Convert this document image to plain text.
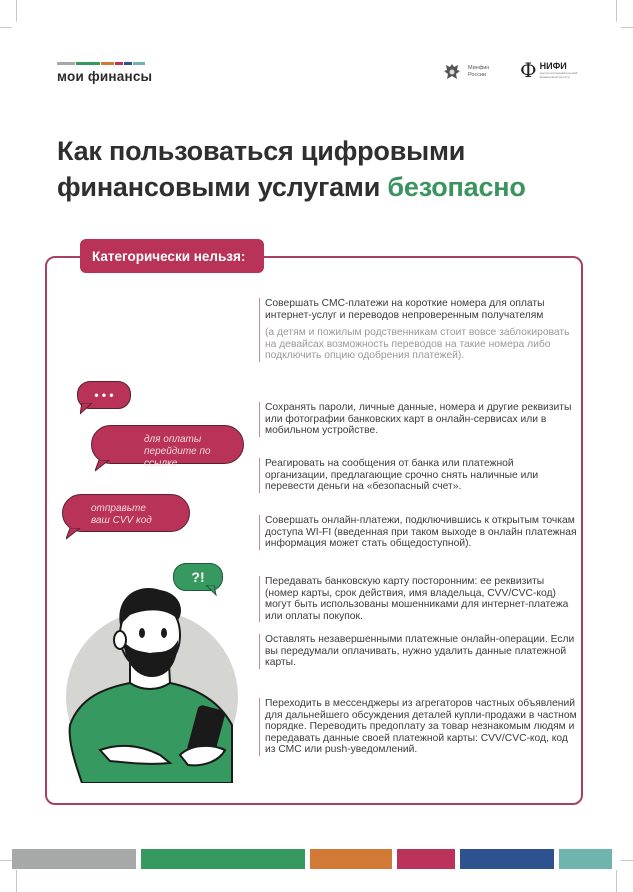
мои финансы
Минфин
России Ф НИФИ
научно-исследовательский финансовый институт
Как пользоваться цифровыми
финансовыми услугами безопасно
Категорически нельзя:
Совершать СМС-платежи на короткие номера для оплаты интернет-услуг и переводов непроверенным получателям
(а детям и пожилым родственникам стоит вовсе заблокировать на девайсах возможность переводов на такие номера либо подключить опцию одобрения платежей).
Сохранять пароли, личные данные, номера и другие реквизиты или фотографии банковских карт в онлайн-сервисах или в мобильном устройстве.
Реагировать на сообщения от банка или платежной организации, предлагающие срочно снять наличные или перевести деньги на «безопасный счет».
Совершать онлайн-платежи, подключившись к открытым точкам доступа WI-FI (введенная при таком выходе в онлайн платежная информация может стать общедоступной).
Передавать банковскую карту посторонним: ее реквизиты (номер карты, срок действия, имя владельца, CVV/CVC-код) могут быть использованы мошенниками для интернет-платежа или оплаты покупок.
Оставлять незавершенными платежные онлайн-операции. Если вы передумали оплачивать, нужно удалить данные платежной карты.
Переходить в мессенджеры из агрегаторов частных объявлений для дальнейшего обсуждения деталей купли-продажи в частном порядке. Переводить предоплату за товар незнакомым людям и передавать данные своей платежной карты: CVV/CVC-код, код из СМС или push-уведомлений.
• • •
для оплаты
перейдите по ссылке
отправьте
ваш CVV код
?!
